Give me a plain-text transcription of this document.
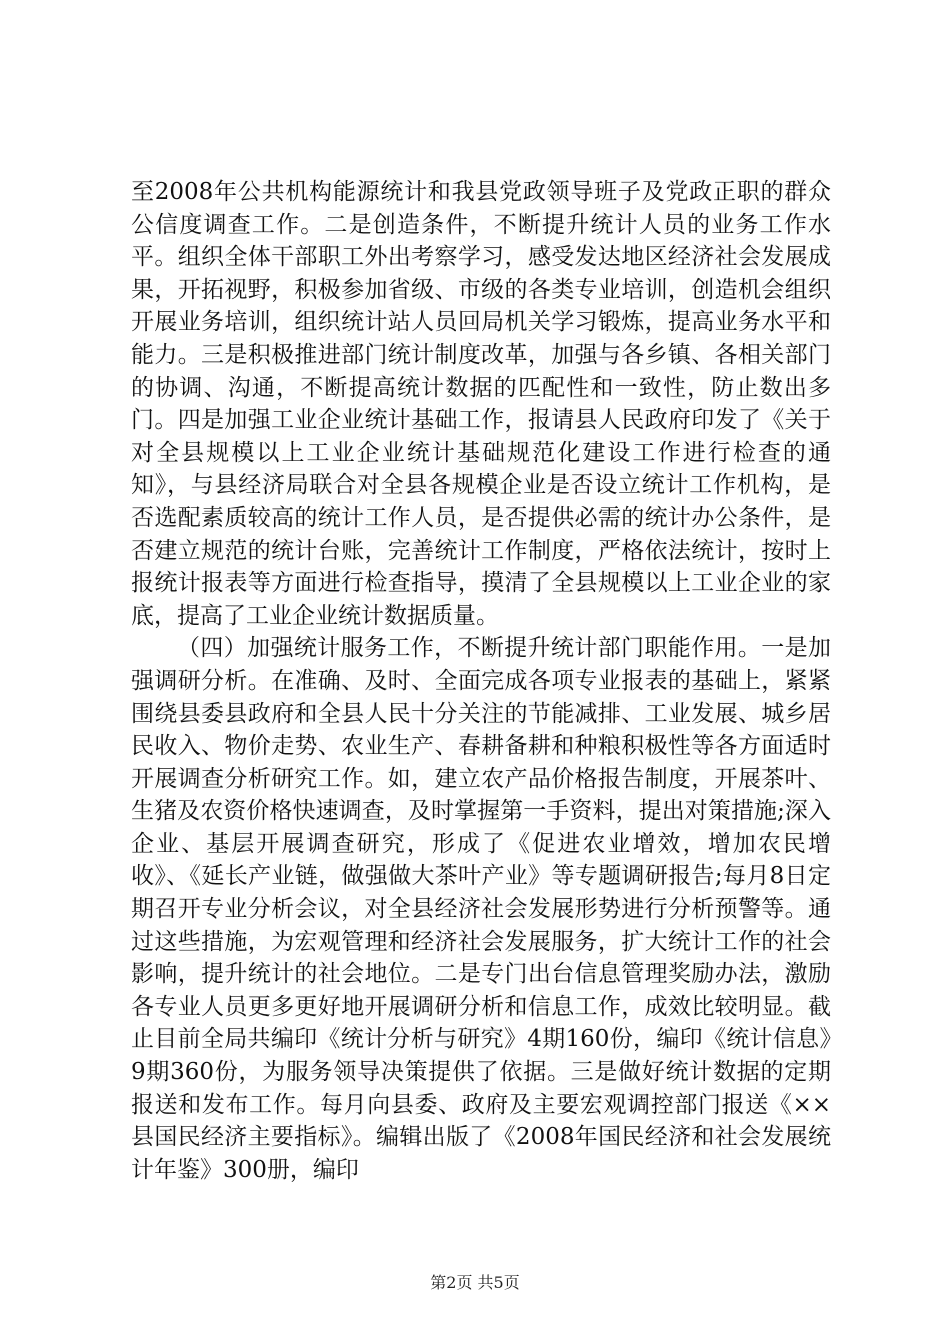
至2008年公共机构能源统计和我县党政领导班子及党政正职的群众公信度调查工作。二是创造条件，不断提升统计人员的业务工作水平。组织全体干部职工外出考察学习，感受发达地区经济社会发展成果，开拓视野，积极参加省级、市级的各类专业培训，创造机会组织开展业务培训，组织统计站人员回局机关学习锻炼，提高业务水平和能力。三是积极推进部门统计制度改革，加强与各乡镇、各相关部门的协调、沟通，不断提高统计数据的匹配性和一致性，防止数出多门。四是加强工业企业统计基础工作，报请县人民政府印发了《关于对全县规模以上工业企业统计基础规范化建设工作进行检查的通知》，与县经济局联合对全县各规模企业是否设立统计工作机构，是否选配素质较高的统计工作人员，是否提供必需的统计办公条件，是否建立规范的统计台账，完善统计工作制度，严格依法统计，按时上报统计报表等方面进行检查指导，摸清了全县规模以上工业企业的家底，提高了工业企业统计数据质量。

（四）加强统计服务工作，不断提升统计部门职能作用。一是加强调研分析。在准确、及时、全面完成各项专业报表的基础上，紧紧围绕县委县政府和全县人民十分关注的节能减排、工业发展、城乡居民收入、物价走势、农业生产、春耕备耕和种粮积极性等各方面适时开展调查分析研究工作。如，建立农产品价格报告制度，开展茶叶、生猪及农资价格快速调查，及时掌握第一手资料，提出对策措施;深入企业、基层开展调查研究，形成了《促进农业增效，增加农民增收》、《延长产业链，做强做大茶叶产业》等专题调研报告;每月8日定期召开专业分析会议，对全县经济社会发展形势进行分析预警等。通过这些措施，为宏观管理和经济社会发展服务，扩大统计工作的社会影响，提升统计的社会地位。二是专门出台信息管理奖励办法，激励各专业人员更多更好地开展调研分析和信息工作，成效比较明显。截止目前全局共编印《统计分析与研究》4期160份，编印《统计信息》9期360份，为服务领导决策提供了依据。三是做好统计数据的定期报送和发布工作。每月向县委、政府及主要宏观调控部门报送《××县国民经济主要指标》。编辑出版了《2008年国民经济和社会发展统计年鉴》300册，编印

第2页 共5页
